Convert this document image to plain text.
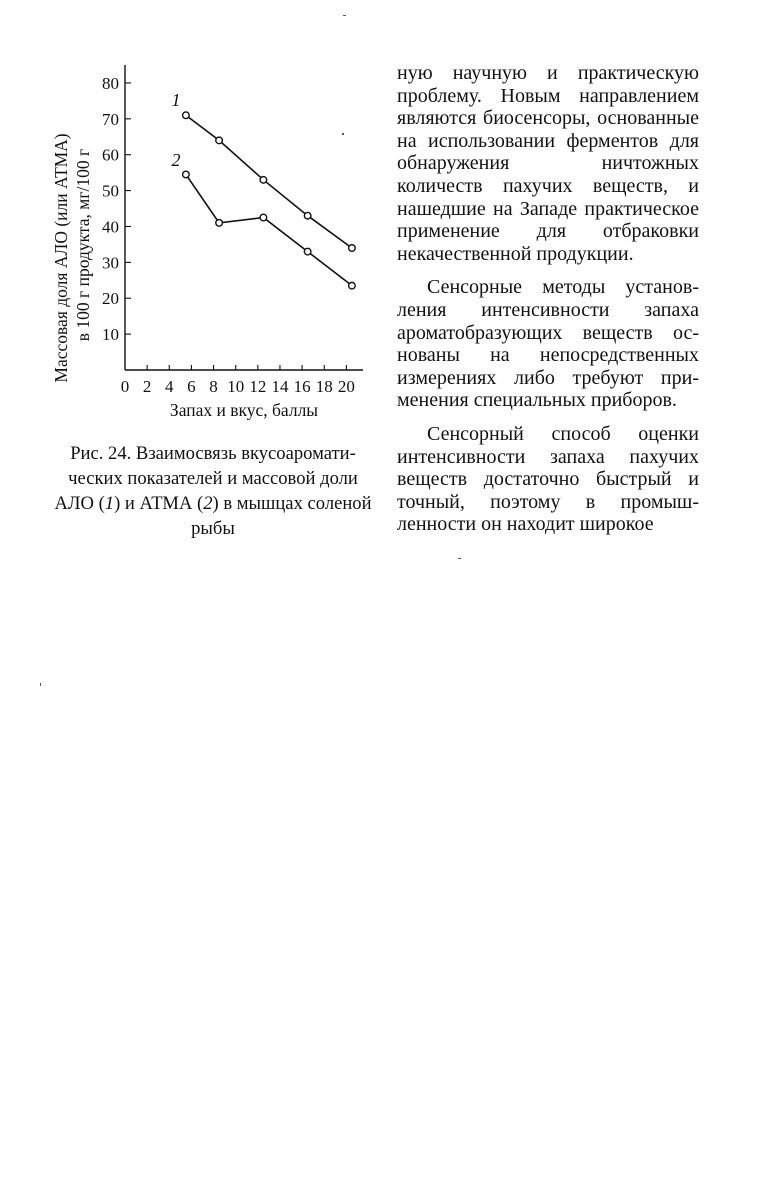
Массовая доля АЛО (или АТМА) в 100 г продукта, мг/100 г
0 2 4 6 8 10 12 14 16 18 20
10
20
30
40
50
60
70
80
1
2
Запах и вкус, баллы

Рис. 24. Взаимосвязь вкусоароматических показателей и массовой доли АЛО (1) и АТМА (2) в мышцах соленой рыбы

ную научную и практическую проблему. Новым направлением являются биосенсоры, основанные на использовании ферментов для обнаружения ничтожных количеств пахучих веществ, и нашедшие на Западе практическое применение для отбраковки некачественной продукции.

Сенсорные методы установления интенсивности запаха ароматобразующих веществ основаны на непосредственных измерениях либо требуют применения специальных приборов.

Сенсорный способ оценки интенсивности запаха пахучих веществ достаточно быстрый и точный, поэтому в промышленности он находит широкое
